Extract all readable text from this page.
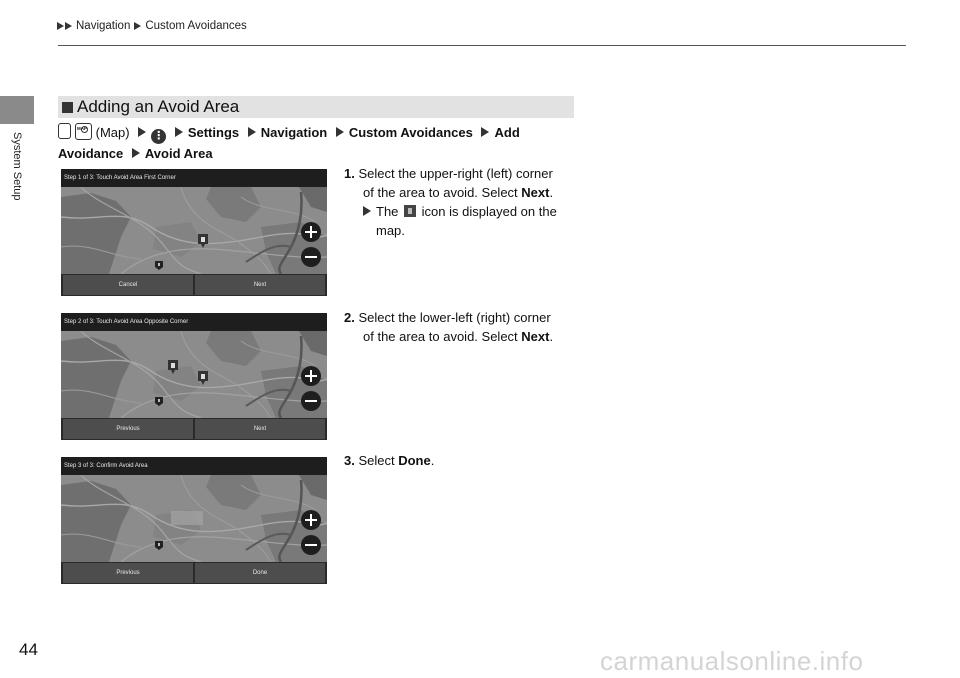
Navigation Custom Avoidances
System Setup
Adding an Avoid Area
MAP (Map) ⋮ Settings Navigation Custom Avoidances Add Avoidance Avoid Area
Step 1 of 3: Touch Avoid Area First Corner
Cancel	Next
Step 2 of 3: Touch Avoid Area Opposite Corner
Previous	Next
Step 3 of 3: Confirm Avoid Area
Previous	Done
1. Select the upper-right (left) corner
of the area to avoid. Select Next.
The icon is displayed on the
map.
2. Select the lower-left (right) corner
of the area to avoid. Select Next.
3. Select Done.
44	carmanualsonline.info
